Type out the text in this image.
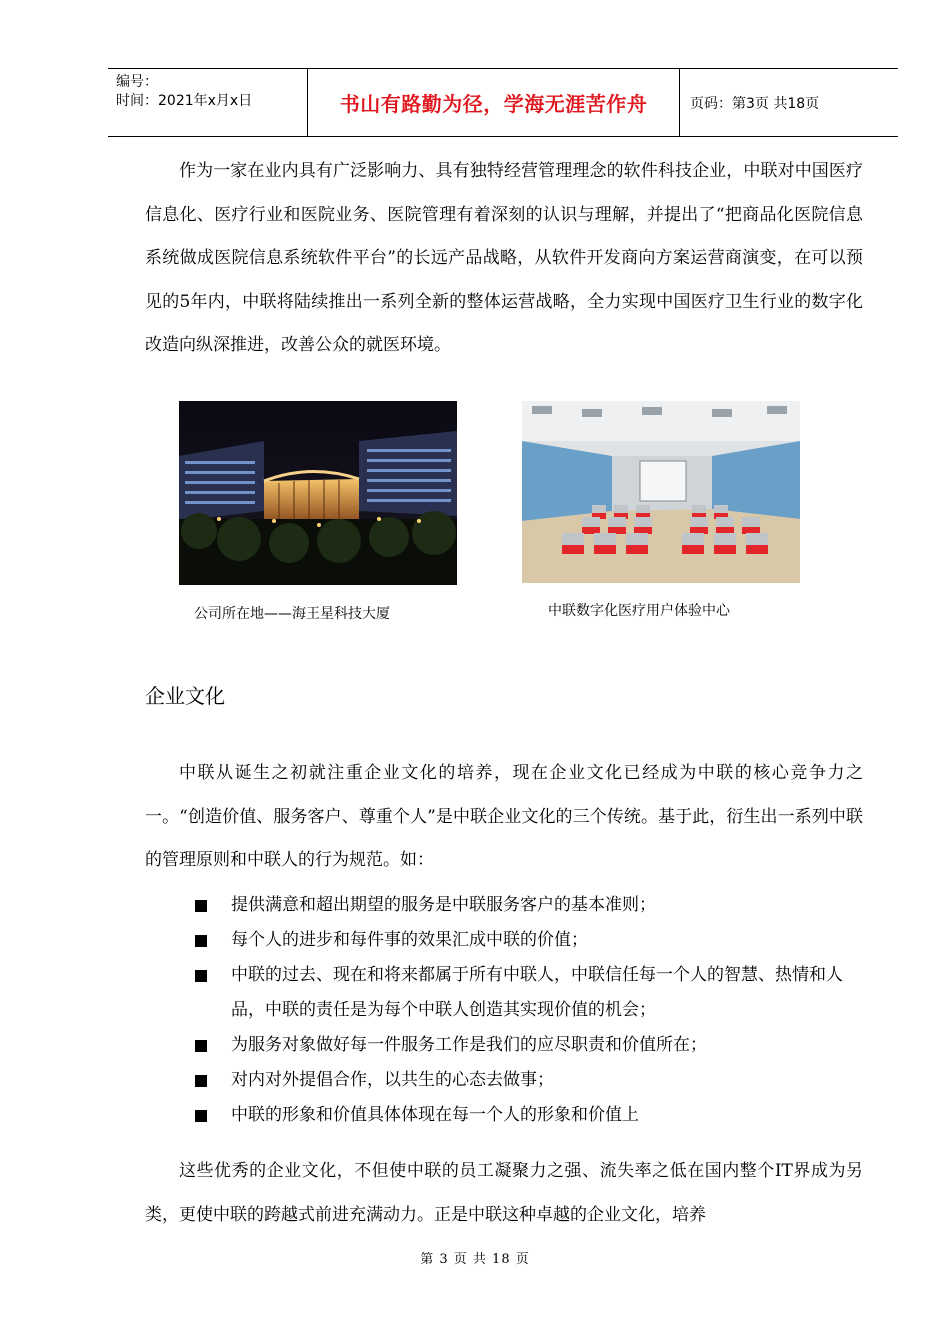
编号：
时间：2021年x月x日	书山有路勤为径，学海无涯苦作舟	页码：第3页 共18页

作为一家在业内具有广泛影响力、具有独特经营管理理念的软件科技企业，中联对中国医疗信息化、医疗行业和医院业务、医院管理有着深刻的认识与理解，并提出了“把商品化医院信息系统做成医院信息系统软件平台”的长远产品战略，从软件开发商向方案运营商演变，在可以预见的5年内，中联将陆续推出一系列全新的整体运营战略，全力实现中国医疗卫生行业的数字化改造向纵深推进，改善公众的就医环境。

公司所在地——海王星科技大厦	中联数字化医疗用户体验中心
企业文化

中联从诞生之初就注重企业文化的培养，现在企业文化已经成为中联的核心竞争力之一。“创造价值、服务客户、尊重个人”是中联企业文化的三个传统。基于此，衍生出一系列中联的管理原则和中联人的行为规范。如：

提供满意和超出期望的服务是中联服务客户的基本准则；
每个人的进步和每件事的效果汇成中联的价值；
中联的过去、现在和将来都属于所有中联人，中联信任每一个人的智慧、热情和人品，中联的责任是为每个中联人创造其实现价值的机会；
为服务对象做好每一件服务工作是我们的应尽职责和价值所在；
对内对外提倡合作，以共生的心态去做事；
中联的形象和价值具体体现在每一个人的形象和价值上

这些优秀的企业文化，不但使中联的员工凝聚力之强、流失率之低在国内整个IT界成为另类，更使中联的跨越式前进充满动力。正是中联这种卓越的企业文化，培养

第 3 页 共 18 页
